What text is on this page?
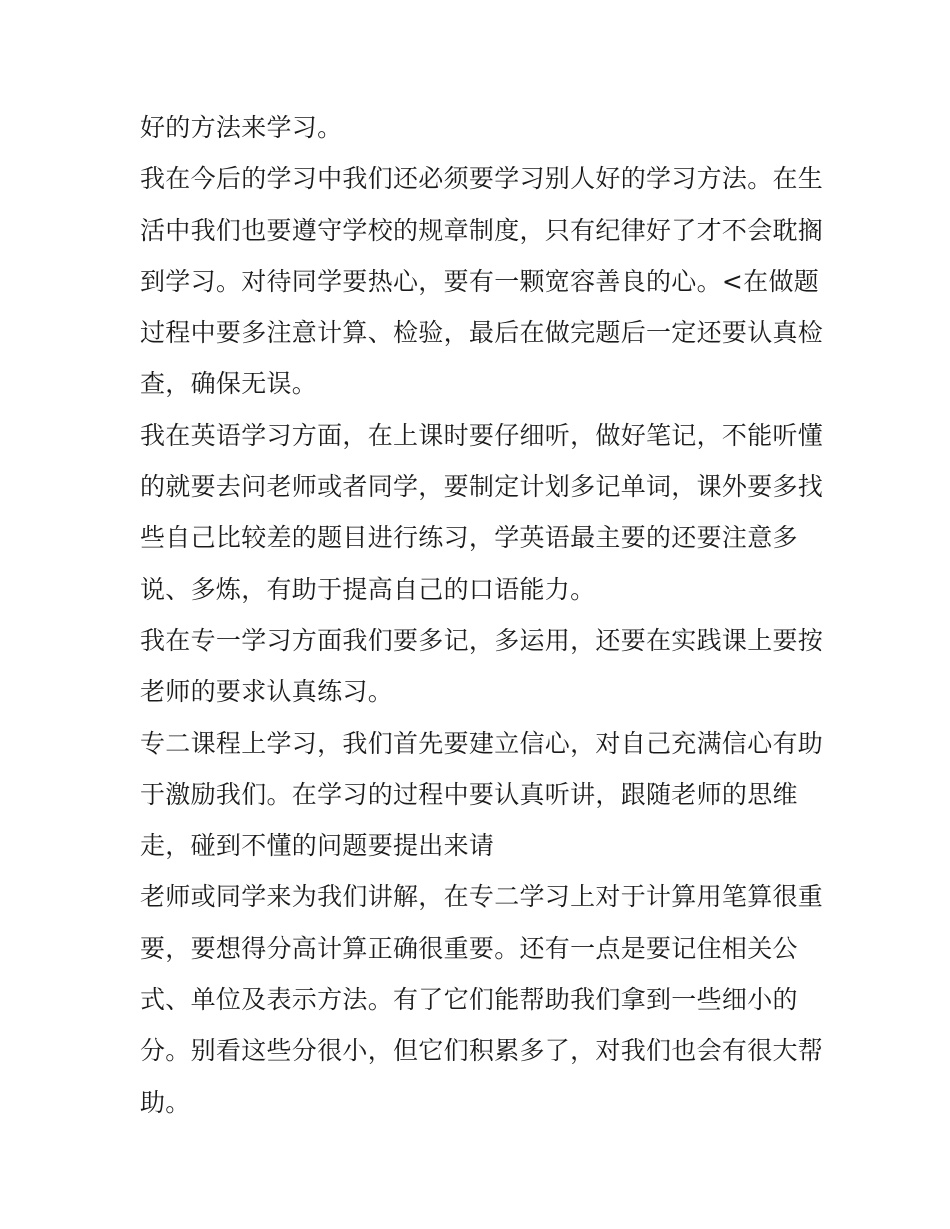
好的方法来学习。
我在今后的学习中我们还必须要学习别人好的学习方法。在生
活中我们也要遵守学校的规章制度，只有纪律好了才不会耽搁
到学习。对待同学要热心，要有一颗宽容善良的心。<在做题
过程中要多注意计算、检验，最后在做完题后一定还要认真检
查，确保无误。
我在英语学习方面，在上课时要仔细听，做好笔记，不能听懂
的就要去问老师或者同学，要制定计划多记单词，课外要多找
些自己比较差的题目进行练习，学英语最主要的还要注意多
说、多炼，有助于提高自己的口语能力。
我在专一学习方面我们要多记，多运用，还要在实践课上要按
老师的要求认真练习。
专二课程上学习，我们首先要建立信心，对自己充满信心有助
于激励我们。在学习的过程中要认真听讲，跟随老师的思维
走，碰到不懂的问题要提出来请
老师或同学来为我们讲解，在专二学习上对于计算用笔算很重
要，要想得分高计算正确很重要。还有一点是要记住相关公
式、单位及表示方法。有了它们能帮助我们拿到一些细小的
分。别看这些分很小，但它们积累多了，对我们也会有很大帮
助。
